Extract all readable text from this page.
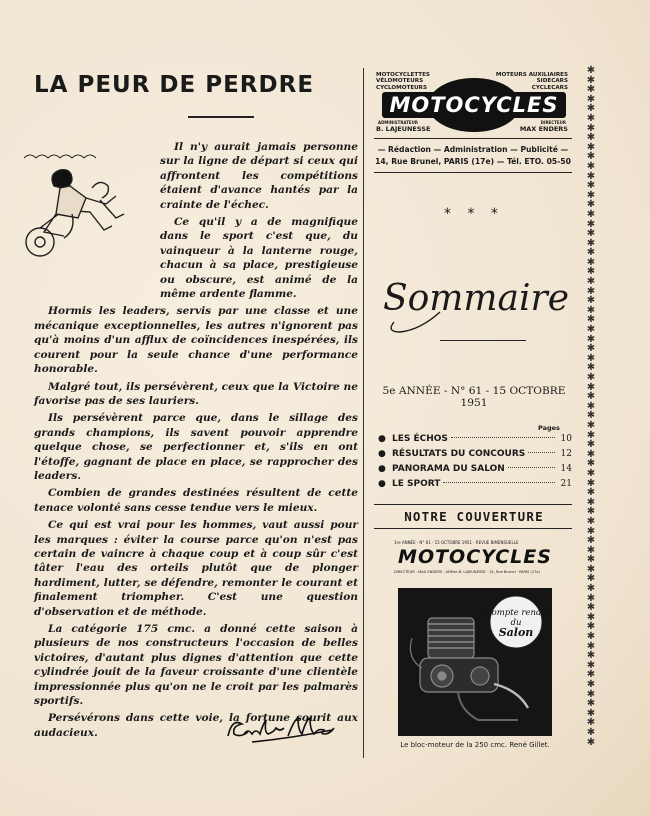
LA PEUR DE PERDRE

Il n'y aurait jamais personne sur la ligne de départ si ceux qui affrontent les compétitions étaient d'avance hantés par la crainte de l'échec.

Ce qu'il y a de magnifique dans le sport c'est que, du vainqueur à la lanterne rouge, chacun à sa place, prestigieuse ou obscure, est animé de la même ardente flamme.

Hormis les leaders, servis par une classe et une mécanique exceptionnelles, les autres n'ignorent pas qu'à moins d'un afflux de coïncidences inespérées, ils courent pour la seule chance d'une performance honorable.

Malgré tout, ils persévèrent, ceux que la Victoire ne favorise pas de ses lauriers.

Ils persévèrent parce que, dans le sillage des grands champions, ils savent pouvoir apprendre quelque chose, se perfectionner et, s'ils en ont l'étoffe, gagnant de place en place, se rapprocher des leaders.

Combien de grandes destinées résultent de cette tenace volonté sans cesse tendue vers le mieux.

Ce qui est vrai pour les hommes, vaut aussi pour les marques : éviter la course parce qu'on n'est pas certain de vaincre à chaque coup et à coup sûr c'est tâter l'eau des orteils plutôt que de plonger hardiment, lutter, se défendre, remonter le courant et finalement triompher. C'est une question d'observation et de méthode.

La catégorie 175 cmc. a donné cette saison à plusieurs de nos constructeurs l'occasion de belles victoires, d'autant plus dignes d'attention que cette cylindrée jouit de la faveur croissante d'une clientèle impressionnée plus qu'on ne le croit par les palmarès sportifs.

Persévérons dans cette voie, la fortune sourit aux audacieux.

✱
✱
✱
✱
✱
✱
✱
✱
✱
✱
✱
✱
✱
✱
✱
✱
✱
✱
✱
✱
✱
✱
✱
✱
✱
✱
✱
✱
✱
✱
✱
✱
✱
✱
✱
✱
✱
✱
✱
✱
✱
✱
✱
✱
✱
✱
✱
✱
✱
✱
✱
✱
✱
✱
✱
✱
✱
✱
✱
✱
✱
✱
✱
✱
✱
✱
✱
✱
✱
✱
✱
MOTOCYCLETTES
VÉLOMOTEURS
CYCLOMOTEURS
MOTEURS AUXILIAIRES
SIDECARS
CYCLECARS
MOTOCYCLES
ADMINISTRATEUR
B. LAJEUNESSE
DIRECTEUR
MAX ENDERS
— Rédaction — Administration — Publicité —
14, Rue Brunel, PARIS (17e) — Tél. ETO. 05-50
* * *
Sommaire
5e ANNÉE - N° 61 - 15 OCTOBRE 1951
Pages
● LES ÉCHOS	10
● RÉSULTATS DU CONCOURS	12
● PANORAMA DU SALON	14
● LE SPORT	21
NOTRE COUVERTURE
1re ANNÉE · N° 61 · 15 OCTOBRE 1951 · REVUE BIMENSUELLE
MOTOCYCLES
DIRECTEUR : MAX ENDERS · ADMre B. LAJEUNESSE · 14, Rue Brunel · PARIS (17e)
Compte rendu
du
Salon
Le bloc-moteur de la 250 cmc. René Gillet.
